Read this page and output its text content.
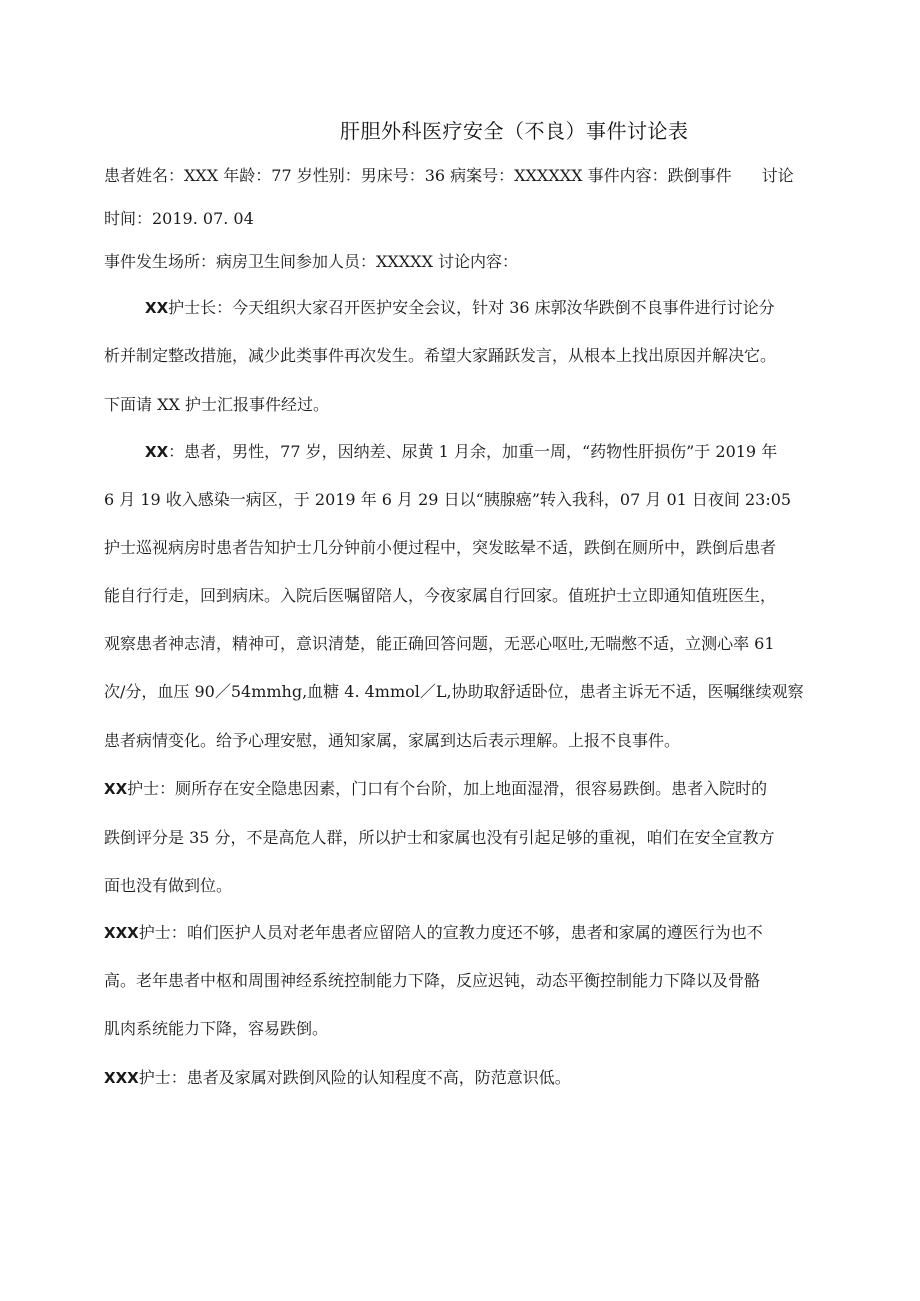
肝胆外科医疗安全（不良）事件讨论表
患者姓名：XXX 年龄：77 岁性别：男床号：36 病案号：XXXXXX 事件内容：跌倒事件 讨论
时间：2019. 07. 04
事件发生场所：病房卫生间参加人员：XXXXX 讨论内容：
XX护士长：今天组织大家召开医护安全会议，针对 36 床郭汝华跌倒不良事件进行讨论分
析并制定整改措施，减少此类事件再次发生。希望大家踊跃发言，从根本上找出原因并解决它。
下面请 XX 护士汇报事件经过。
XX：患者，男性，77 岁，因纳差、尿黄 1 月余，加重一周，“药物性肝损伤”于 2019 年
6 月 19 收入感染一病区，于 2019 年 6 月 29 日以“胰腺癌”转入我科，07 月 01 日夜间 23:05
护士巡视病房时患者告知护士几分钟前小便过程中，突发眩晕不适，跌倒在厕所中，跌倒后患者
能自行行走，回到病床。入院后医嘱留陪人，今夜家属自行回家。值班护士立即通知值班医生，
观察患者神志清，精神可，意识清楚，能正确回答问题，无恶心呕吐,无喘憋不适，立测心率 61
次/分，血压 90／54mmhg,血糖 4. 4mmol／L,协助取舒适卧位，患者主诉无不适，医嘱继续观察
患者病情变化。给予心理安慰，通知家属，家属到达后表示理解。上报不良事件。
XX护士：厕所存在安全隐患因素，门口有个台阶，加上地面湿滑，很容易跌倒。患者入院时的
跌倒评分是 35 分，不是高危人群，所以护士和家属也没有引起足够的重视，咱们在安全宣教方
面也没有做到位。
XXX护士：咱们医护人员对老年患者应留陪人的宣教力度还不够，患者和家属的遵医行为也不
高。老年患者中枢和周围神经系统控制能力下降，反应迟钝，动态平衡控制能力下降以及骨骼
肌肉系统能力下降，容易跌倒。
XXX护士：患者及家属对跌倒风险的认知程度不高，防范意识低。
